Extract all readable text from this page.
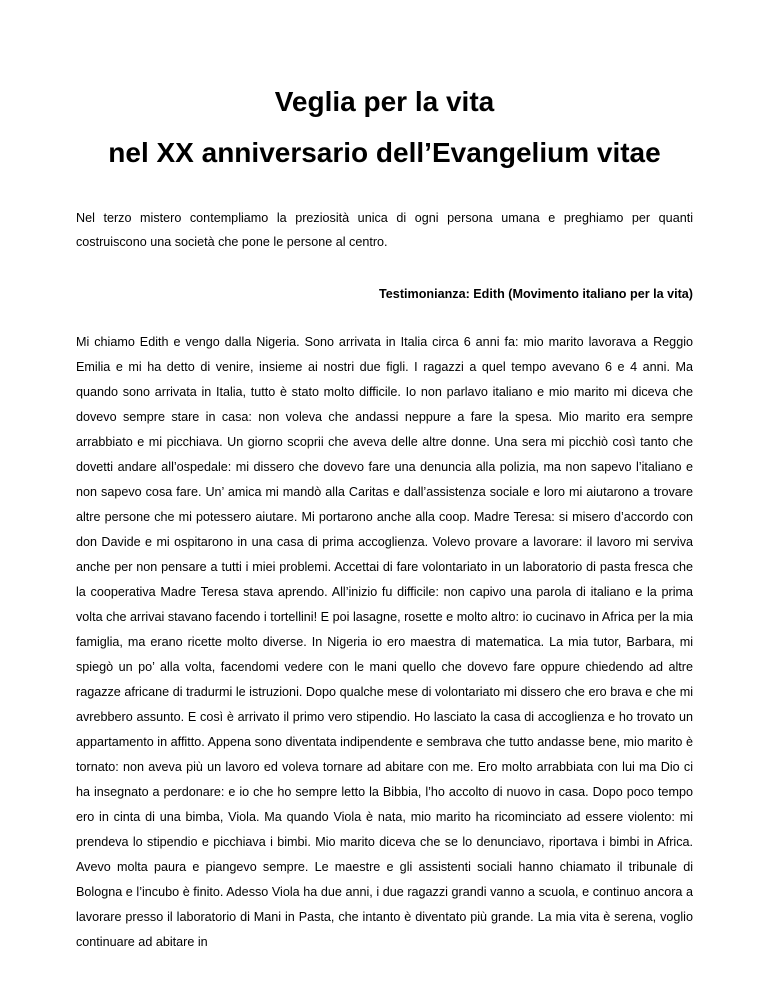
Veglia per la vita
nel XX anniversario dell’Evangelium vitae

Nel terzo mistero contempliamo la preziosità unica di ogni persona umana e preghiamo per quanti costruiscono una società che pone le persone al centro.

Testimonianza: Edith (Movimento italiano per la vita)

Mi chiamo Edith e vengo dalla Nigeria. Sono arrivata in Italia circa 6 anni fa: mio marito lavorava a Reggio Emilia e mi ha detto di venire, insieme ai nostri due figli. I ragazzi a quel tempo avevano 6 e 4 anni. Ma quando sono arrivata in Italia, tutto è stato molto difficile. Io non parlavo italiano e mio marito mi diceva che dovevo sempre stare in casa: non voleva che andassi neppure a fare la spesa. Mio marito era sempre arrabbiato e mi picchiava. Un giorno scoprii che aveva delle altre donne. Una sera mi picchiò così tanto che dovetti andare all’ospedale: mi dissero che dovevo fare una denuncia alla polizia, ma non sapevo l’italiano e non sapevo cosa fare. Un’ amica mi mandò alla Caritas e dall’assistenza sociale e loro mi aiutarono a trovare altre persone che mi potessero aiutare. Mi portarono anche alla coop. Madre Teresa: si misero d’accordo con don Davide e mi ospitarono in una casa di prima accoglienza. Volevo provare a lavorare: il lavoro mi serviva anche per non pensare a tutti i miei problemi. Accettai di fare volontariato in un laboratorio di pasta fresca che la cooperativa Madre Teresa stava aprendo. All’inizio fu difficile: non capivo una parola di italiano e la prima volta che arrivai stavano facendo i tortellini! E poi lasagne, rosette e molto altro: io cucinavo in Africa per la mia famiglia, ma erano ricette molto diverse. In Nigeria io ero maestra di matematica. La mia tutor, Barbara, mi spiegò un po’ alla volta, facendomi vedere con le mani quello che dovevo fare oppure chiedendo ad altre ragazze africane di tradurmi le istruzioni. Dopo qualche mese di volontariato mi dissero che ero brava e che mi avrebbero assunto. E così è arrivato il primo vero stipendio. Ho lasciato la casa di accoglienza e ho trovato un appartamento in affitto. Appena sono diventata indipendente e sembrava che tutto andasse bene, mio marito è tornato: non aveva più un lavoro ed voleva tornare ad abitare con me. Ero molto arrabbiata con lui ma Dio ci ha insegnato a perdonare: e io che ho sempre letto la Bibbia, l’ho accolto di nuovo in casa. Dopo poco tempo ero in cinta di una bimba, Viola. Ma quando Viola è nata, mio marito ha ricominciato ad essere violento: mi prendeva lo stipendio e picchiava i bimbi. Mio marito diceva che se lo denunciavo, riportava i bimbi in Africa. Avevo molta paura e piangevo sempre. Le maestre e gli assistenti sociali hanno chiamato il tribunale di Bologna e l’incubo è finito. Adesso Viola ha due anni, i due ragazzi grandi vanno a scuola, e continuo ancora a lavorare presso il laboratorio di Mani in Pasta, che intanto è diventato più grande. La mia vita è serena, voglio continuare ad abitare in
